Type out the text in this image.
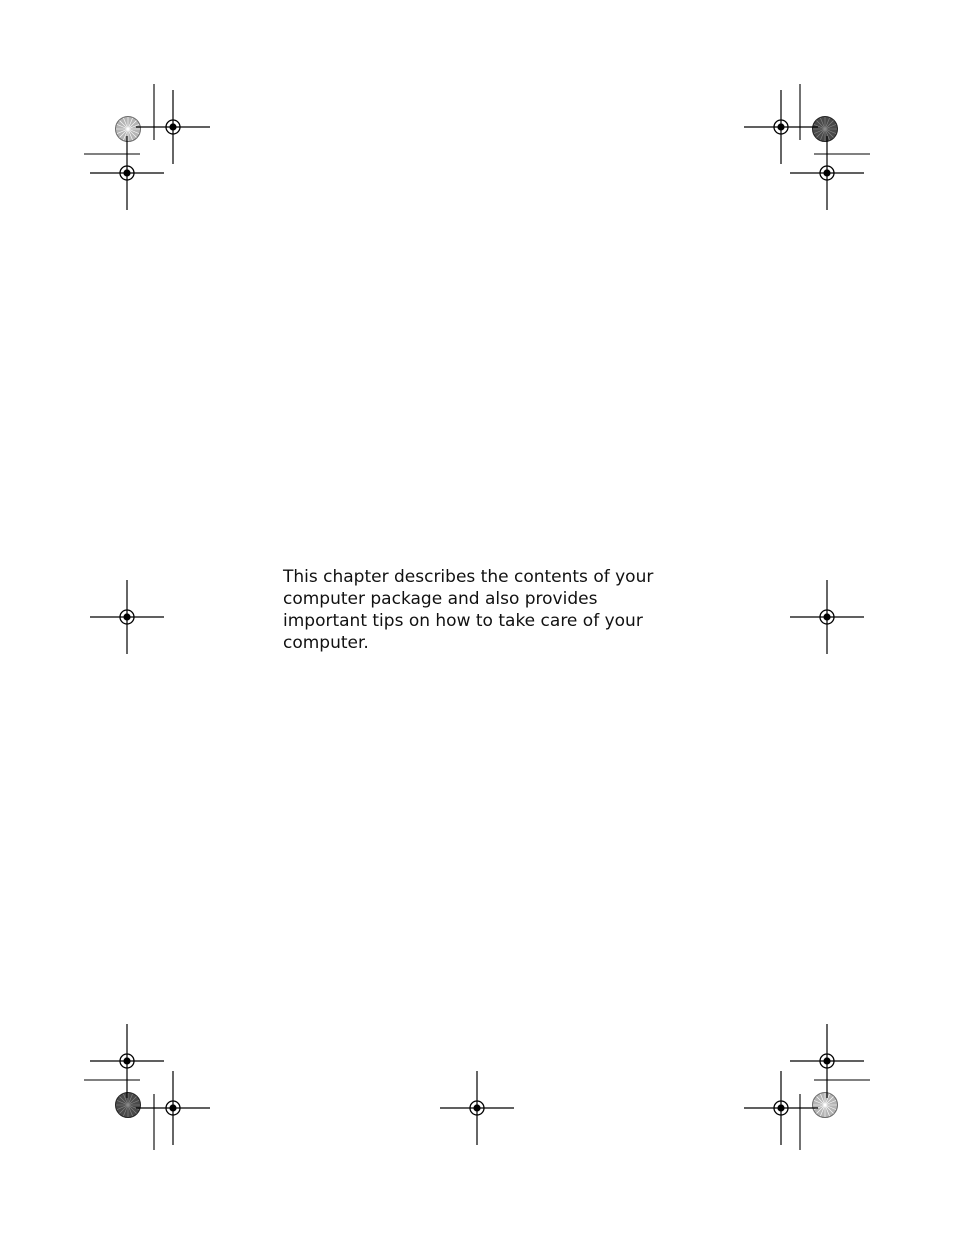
This chapter describes the contents of your
computer package and also provides
important tips on how to take care of your
computer.
